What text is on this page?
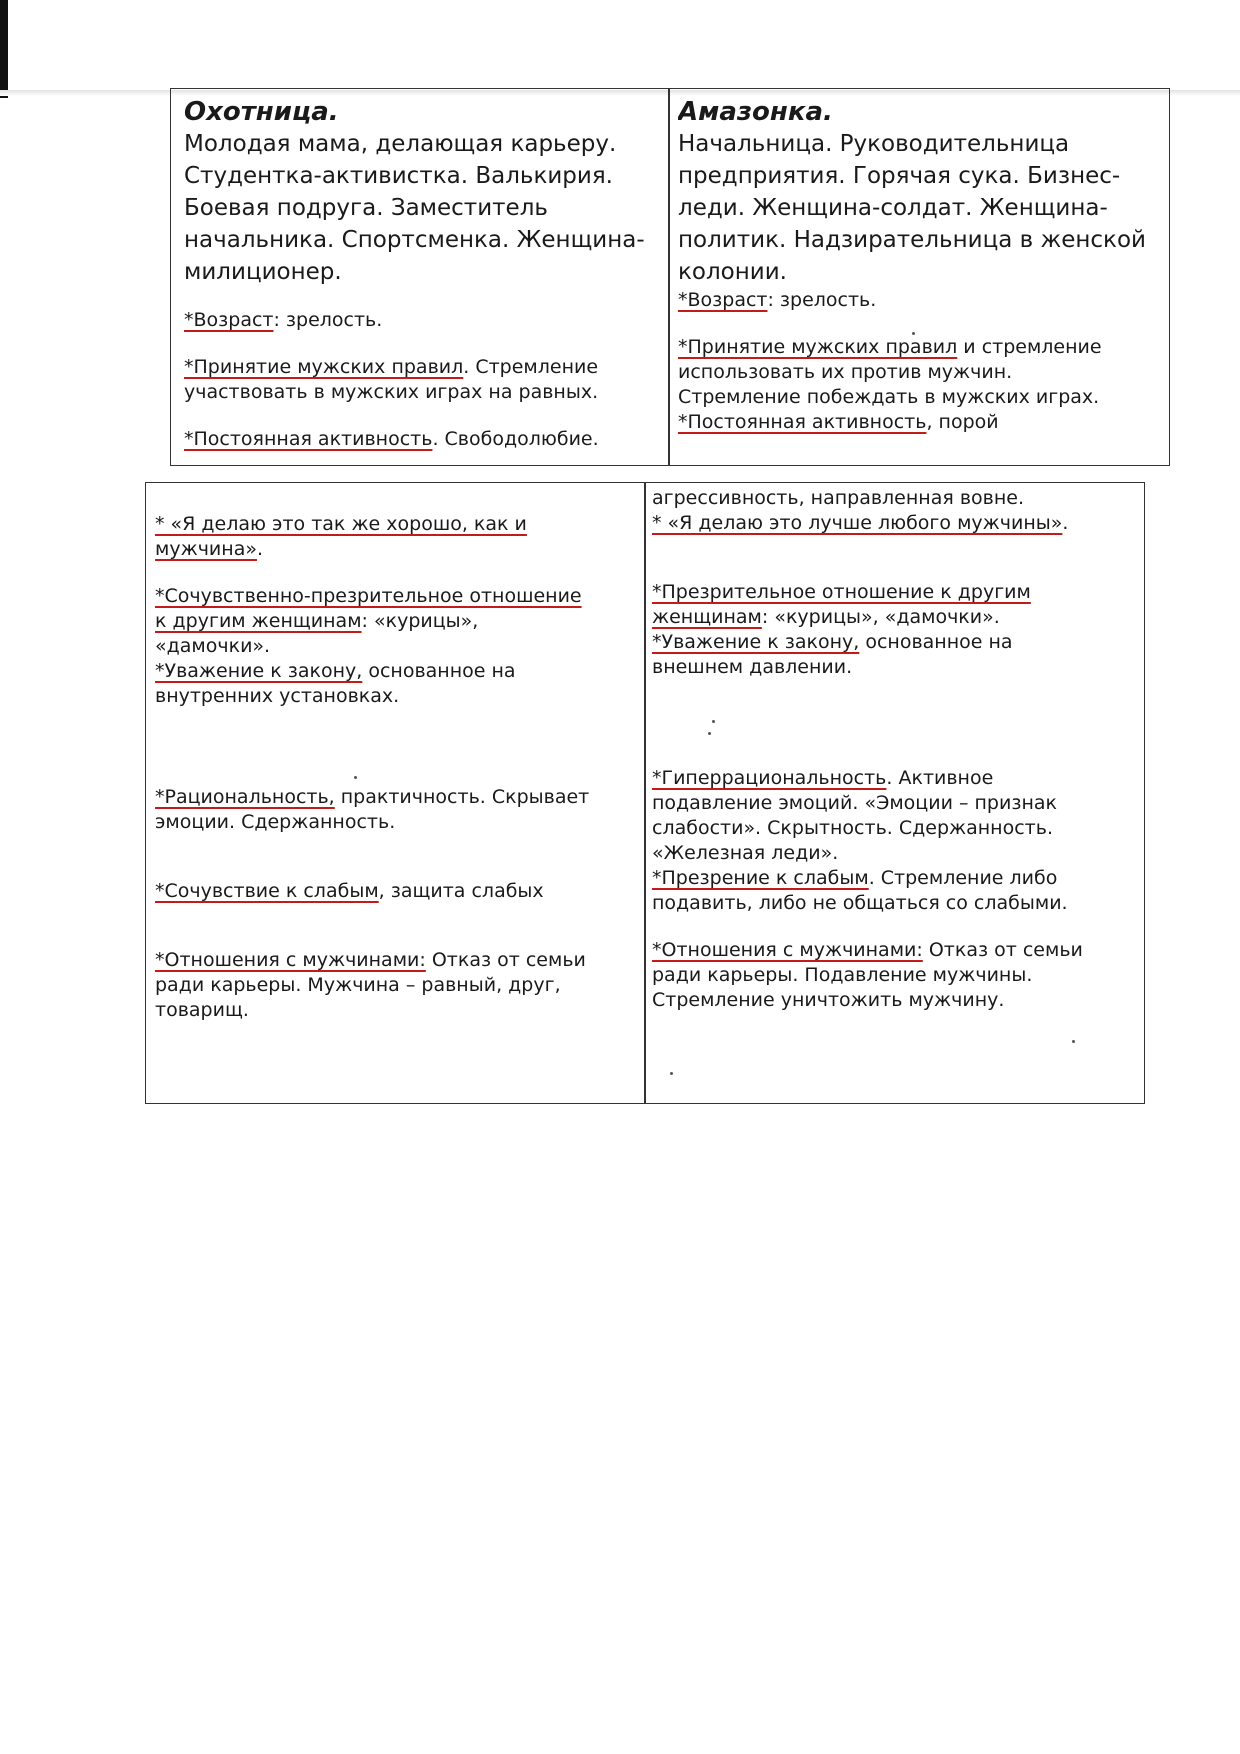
Охотница.

Молодая мама, делающая карьеру. Студентка-активистка. Валькирия. Боевая подруга. Заместитель начальника. Спортсменка. Женщина-милиционер.

*Возраст: зрелость.

*Принятие мужских правил. Стремление
участвовать в мужских играх на равных.

*Постоянная активность. Свободолюбие.

Амазонка.

Начальница. Руководительница предприятия. Горячая сука. Бизнес-леди. Женщина-солдат. Женщина-политик. Надзирательница в женской колонии.

*Возраст: зрелость.

*Принятие мужских правил и стремление
использовать их против мужчин.
Стремление побеждать в мужских играх.

*Постоянная активность, порой

* «Я делаю это так же хорошо, как и
мужчина».

*Сочувственно-презрительное отношение
к другим женщинам: «курицы»,
«дамочки».

*Уважение к закону, основанное на
внутренних установках.

*Рациональность, практичность. Скрывает
эмоции. Сдержанность.

*Сочувствие к слабым, защита слабых

*Отношения с мужчинами: Отказ от семьи
ради карьеры. Мужчина – равный, друг,
товарищ.

агрессивность, направленная вовне.

* «Я делаю это лучше любого мужчины».

*Презрительное отношение к другим
женщинам: «курицы», «дамочки».

*Уважение к закону, основанное на
внешнем давлении.

*Гиперрациональность. Активное
подавление эмоций. «Эмоции – признак
слабости». Скрытность. Сдержанность.
«Железная леди».

*Презрение к слабым. Стремление либо
подавить, либо не общаться со слабыми.

*Отношения с мужчинами: Отказ от семьи
ради карьеры. Подавление мужчины.
Стремление уничтожить мужчину.
